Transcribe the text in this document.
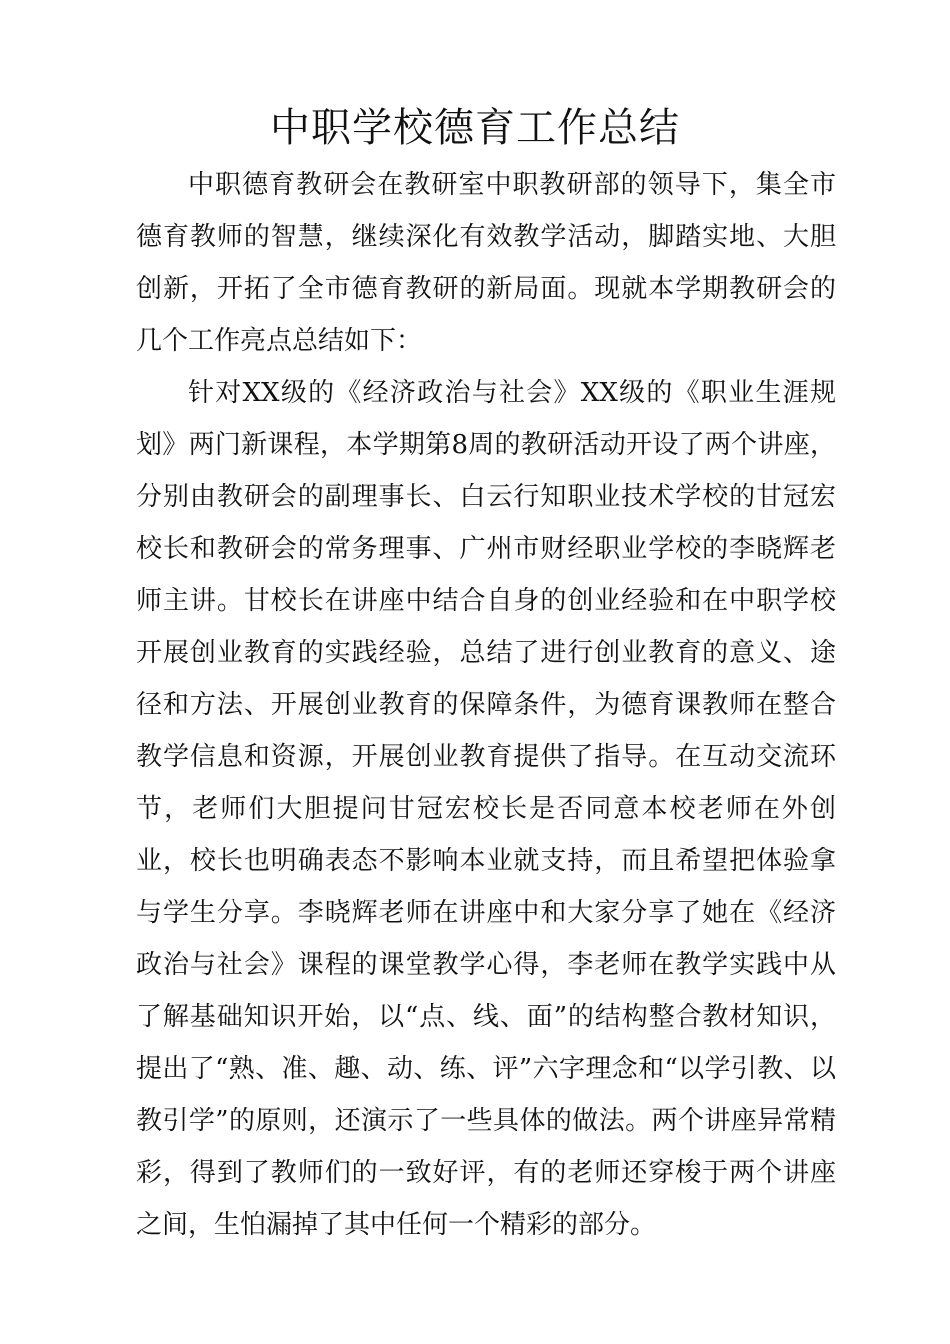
中职学校德育工作总结

中职德育教研会在教研室中职教研部的领导下，集全市德育教师的智慧，继续深化有效教学活动，脚踏实地、大胆创新，开拓了全市德育教研的新局面。现就本学期教研会的几个工作亮点总结如下：

针对XX级的《经济政治与社会》XX级的《职业生涯规划》两门新课程，本学期第8周的教研活动开设了两个讲座，分别由教研会的副理事长、白云行知职业技术学校的甘冠宏校长和教研会的常务理事、广州市财经职业学校的李晓辉老师主讲。甘校长在讲座中结合自身的创业经验和在中职学校开展创业教育的实践经验，总结了进行创业教育的意义、途径和方法、开展创业教育的保障条件，为德育课教师在整合教学信息和资源，开展创业教育提供了指导。在互动交流环节，老师们大胆提问甘冠宏校长是否同意本校老师在外创业，校长也明确表态不影响本业就支持，而且希望把体验拿与学生分享。李晓辉老师在讲座中和大家分享了她在《经济政治与社会》课程的课堂教学心得，李老师在教学实践中从了解基础知识开始，以“点、线、面”的结构整合教材知识，提出了“熟、准、趣、动、练、评”六字理念和“以学引教、以教引学”的原则，还演示了一些具体的做法。两个讲座异常精彩，得到了教师们的一致好评，有的老师还穿梭于两个讲座之间，生怕漏掉了其中任何一个精彩的部分。
